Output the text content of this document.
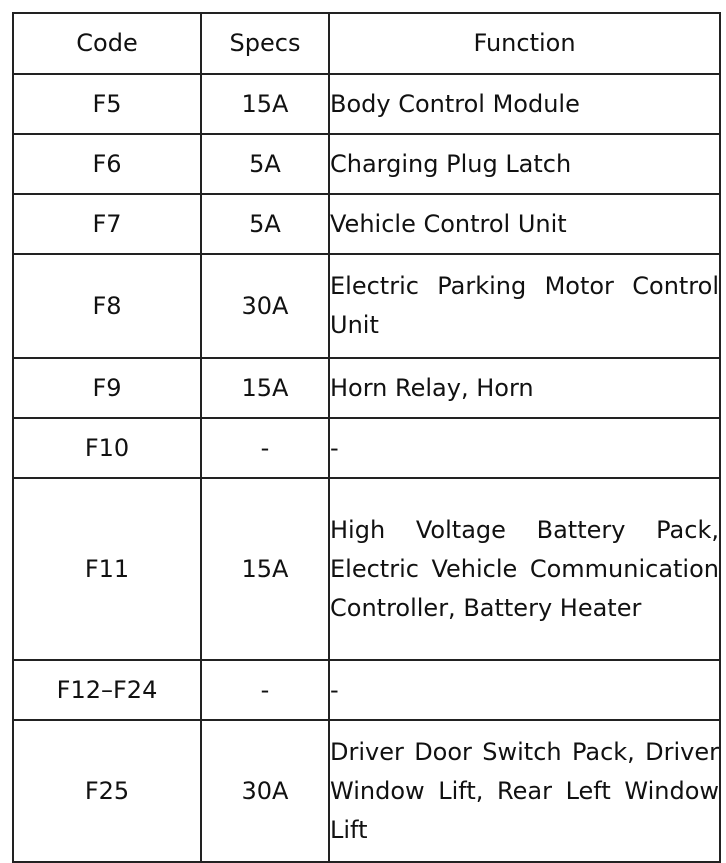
Code	Specs	Function
F5	15A	Body Control Module
F6	5A	Charging Plug Latch
F7	5A	Vehicle Control Unit
F8	30A	Electric Parking Motor Control Unit
F9	15A	Horn Relay, Horn
F10	-	-
F11	15A	High Voltage Battery Pack, Electric Vehicle Communication Controller, Battery Heater
F12–F24	-	-
F25	30A	Driver Door Switch Pack, Driver Window Lift, Rear Left Window Lift
